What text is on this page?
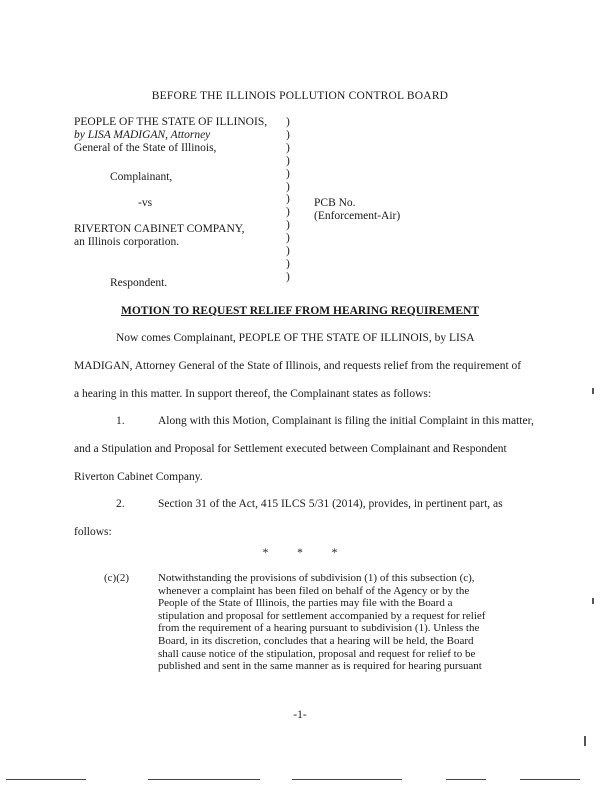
BEFORE THE ILLINOIS POLLUTION CONTROL BOARD
PEOPLE OF THE STATE OF ILLINOIS,
by LISA MADIGAN, Attorney
General of the State of Illinois,
Complainant,
-vs
RIVERTON CABINET COMPANY,
an Illinois corporation.
Respondent.
)
)
)
)
)
)
)
)
)
)
)
)
)
PCB No.
(Enforcement-Air)
MOTION TO REQUEST RELIEF FROM HEARING REQUIREMENT
Now comes Complainant, PEOPLE OF THE STATE OF ILLINOIS, by LISA
MADIGAN, Attorney General of the State of Illinois, and requests relief from the requirement of
a hearing in this matter. In support thereof, the Complainant states as follows:
1.	Along with this Motion, Complainant is filing the initial Complaint in this matter,
and a Stipulation and Proposal for Settlement executed between Complainant and Respondent
Riverton Cabinet Company.
2.	Section 31 of the Act, 415 ILCS 5/31 (2014), provides, in pertinent part, as
follows:
*          *          *
(c)(2)	Notwithstanding the provisions of subdivision (1) of this subsection (c),
whenever a complaint has been filed on behalf of the Agency or by the
People of the State of Illinois, the parties may file with the Board a
stipulation and proposal for settlement accompanied by a request for relief
from the requirement of a hearing pursuant to subdivision (1). Unless the
Board, in its discretion, concludes that a hearing will be held, the Board
shall cause notice of the stipulation, proposal and request for relief to be
published and sent in the same manner as is required for hearing pursuant
-1-
